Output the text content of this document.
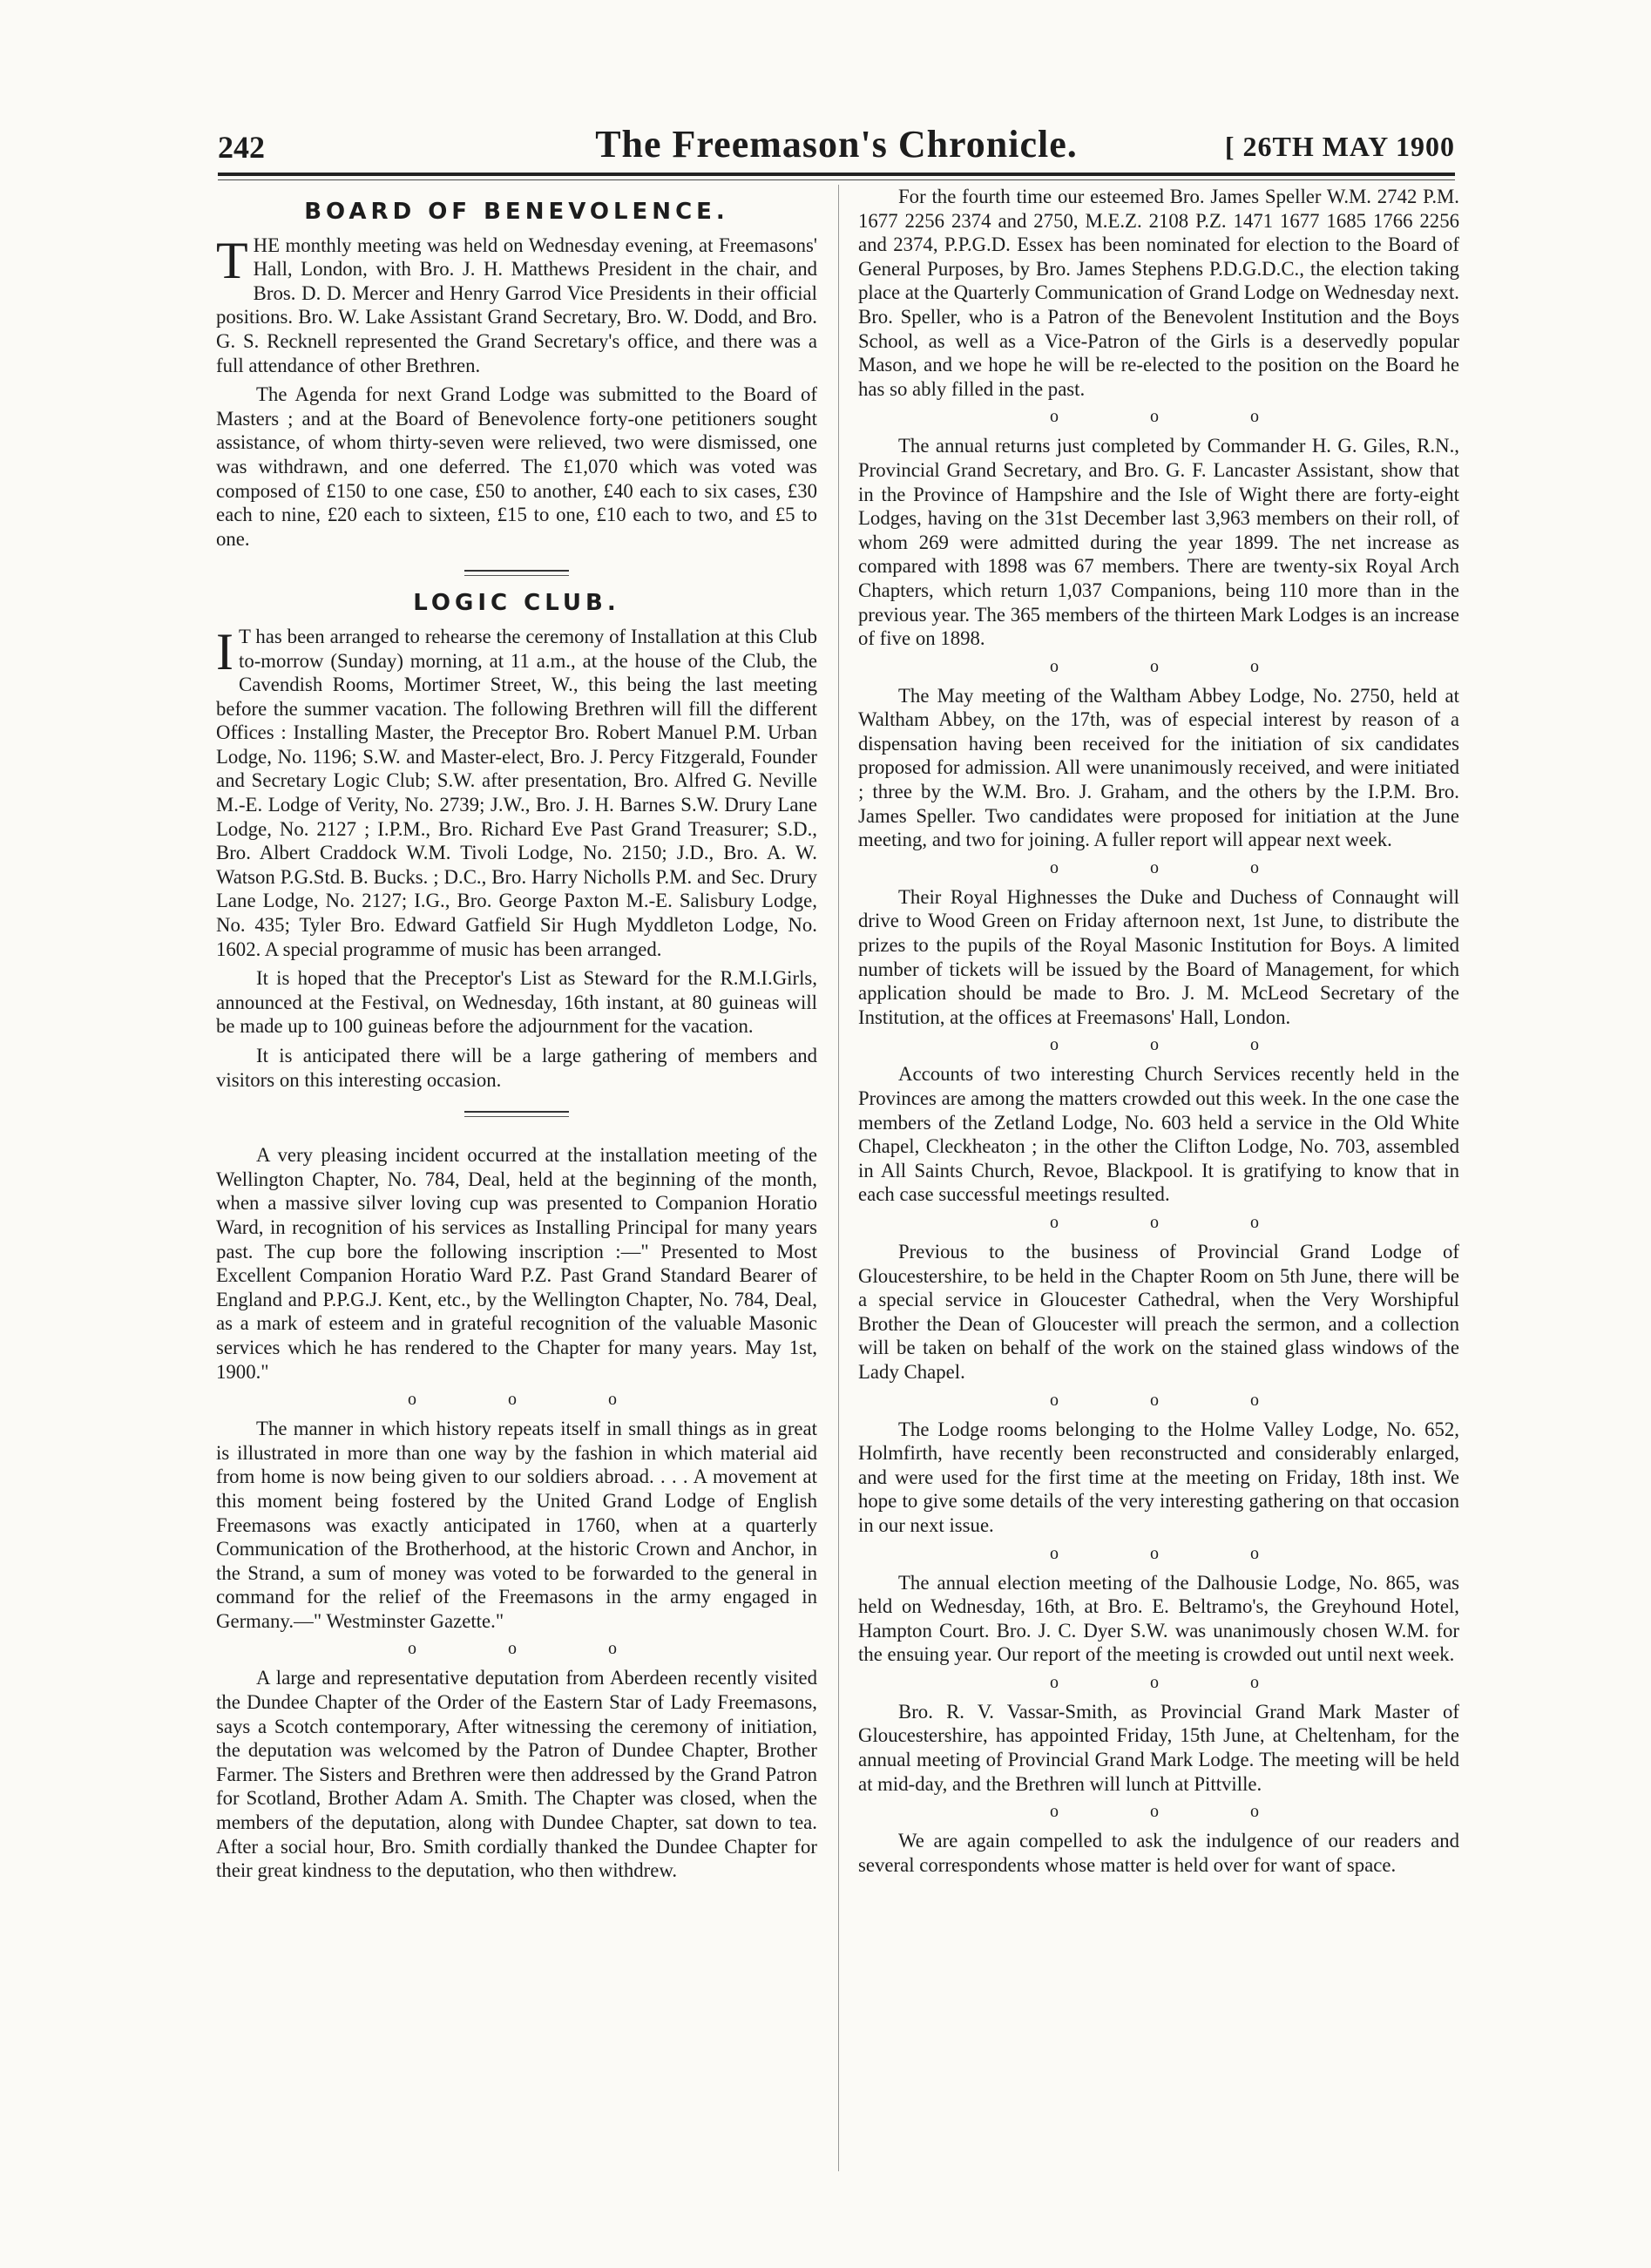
242	The Freemason's Chronicle.	[ 26TH MAY 1900
BOARD OF BENEVOLENCE.

THE monthly meeting was held on Wednesday evening, at Freemasons' Hall, London, with Bro. J. H. Matthews President in the chair, and Bros. D. D. Mercer and Henry Garrod Vice Presidents in their official positions. Bro. W. Lake Assistant Grand Secretary, Bro. W. Dodd, and Bro. G. S. Recknell represented the Grand Secretary's office, and there was a full attendance of other Brethren.

The Agenda for next Grand Lodge was submitted to the Board of Masters ; and at the Board of Benevolence forty-one petitioners sought assistance, of whom thirty-seven were relieved, two were dismissed, one was withdrawn, and one deferred. The £1,070 which was voted was composed of £150 to one case, £50 to another, £40 each to six cases, £30 each to nine, £20 each to sixteen, £15 to one, £10 each to two, and £5 to one.

LOGIC CLUB.

I T has been arranged to rehearse the ceremony of Installation at this Club to-morrow (Sunday) morning, at 11 a.m., at the house of the Club, the Cavendish Rooms, Mortimer Street, W., this being the last meeting before the summer vacation. The following Brethren will fill the different Offices : Installing Master, the Preceptor Bro. Robert Manuel P.M. Urban Lodge, No. 1196; S.W. and Master-elect, Bro. J. Percy Fitzgerald, Founder and Secretary Logic Club; S.W. after presentation, Bro. Alfred G. Neville M.-E. Lodge of Verity, No. 2739; J.W., Bro. J. H. Barnes S.W. Drury Lane Lodge, No. 2127 ; I.P.M., Bro. Richard Eve Past Grand Treasurer; S.D., Bro. Albert Craddock W.M. Tivoli Lodge, No. 2150; J.D., Bro. A. W. Watson P.G.Std. B. Bucks. ; D.C., Bro. Harry Nicholls P.M. and Sec. Drury Lane Lodge, No. 2127; I.G., Bro. George Paxton M.-E. Salisbury Lodge, No. 435; Tyler Bro. Edward Gatfield Sir Hugh Myddleton Lodge, No. 1602. A special programme of music has been arranged.

It is hoped that the Preceptor's List as Steward for the R.M.I.Girls, announced at the Festival, on Wednesday, 16th instant, at 80 guineas will be made up to 100 guineas before the adjournment for the vacation.

It is anticipated there will be a large gathering of members and visitors on this interesting occasion.

A very pleasing incident occurred at the installation meeting of the Wellington Chapter, No. 784, Deal, held at the beginning of the month, when a massive silver loving cup was presented to Companion Horatio Ward, in recognition of his services as Installing Principal for many years past. The cup bore the following inscription :—" Presented to Most Excellent Companion Horatio Ward P.Z. Past Grand Standard Bearer of England and P.P.G.J. Kent, etc., by the Wellington Chapter, No. 784, Deal, as a mark of esteem and in grateful recognition of the valuable Masonic services which he has rendered to the Chapter for many years. May 1st, 1900."

o o o

The manner in which history repeats itself in small things as in great is illustrated in more than one way by the fashion in which material aid from home is now being given to our soldiers abroad. . . . A movement at this moment being fostered by the United Grand Lodge of English Freemasons was exactly anticipated in 1760, when at a quarterly Communication of the Brotherhood, at the historic Crown and Anchor, in the Strand, a sum of money was voted to be forwarded to the general in command for the relief of the Freemasons in the army engaged in Germany.—" Westminster Gazette."

o o o

A large and representative deputation from Aberdeen recently visited the Dundee Chapter of the Order of the Eastern Star of Lady Freemasons, says a Scotch contemporary, After witnessing the ceremony of initiation, the deputation was welcomed by the Patron of Dundee Chapter, Brother Farmer. The Sisters and Brethren were then addressed by the Grand Patron for Scotland, Brother Adam A. Smith. The Chapter was closed, when the members of the deputation, along with Dundee Chapter, sat down to tea. After a social hour, Bro. Smith cordially thanked the Dundee Chapter for their great kindness to the deputation, who then withdrew.

For the fourth time our esteemed Bro. James Speller W.M. 2742 P.M. 1677 2256 2374 and 2750, M.E.Z. 2108 P.Z. 1471 1677 1685 1766 2256 and 2374, P.P.G.D. Essex has been nominated for election to the Board of General Purposes, by Bro. James Stephens P.D.G.D.C., the election taking place at the Quarterly Communication of Grand Lodge on Wednesday next. Bro. Speller, who is a Patron of the Benevolent Institution and the Boys School, as well as a Vice-Patron of the Girls is a deservedly popular Mason, and we hope he will be re-elected to the position on the Board he has so ably filled in the past.

o o o

The annual returns just completed by Commander H. G. Giles, R.N., Provincial Grand Secretary, and Bro. G. F. Lancaster Assistant, show that in the Province of Hampshire and the Isle of Wight there are forty-eight Lodges, having on the 31st December last 3,963 members on their roll, of whom 269 were admitted during the year 1899. The net increase as compared with 1898 was 67 members. There are twenty-six Royal Arch Chapters, which return 1,037 Companions, being 110 more than in the previous year. The 365 members of the thirteen Mark Lodges is an increase of five on 1898.

o o o

The May meeting of the Waltham Abbey Lodge, No. 2750, held at Waltham Abbey, on the 17th, was of especial interest by reason of a dispensation having been received for the initiation of six candidates proposed for admission. All were unanimously received, and were initiated ; three by the W.M. Bro. J. Graham, and the others by the I.P.M. Bro. James Speller. Two candidates were proposed for initiation at the June meeting, and two for joining. A fuller report will appear next week.

o o o

Their Royal Highnesses the Duke and Duchess of Connaught will drive to Wood Green on Friday afternoon next, 1st June, to distribute the prizes to the pupils of the Royal Masonic Institution for Boys. A limited number of tickets will be issued by the Board of Management, for which application should be made to Bro. J. M. McLeod Secretary of the Institution, at the offices at Freemasons' Hall, London.

o o o

Accounts of two interesting Church Services recently held in the Provinces are among the matters crowded out this week. In the one case the members of the Zetland Lodge, No. 603 held a service in the Old White Chapel, Cleckheaton ; in the other the Clifton Lodge, No. 703, assembled in All Saints Church, Revoe, Blackpool. It is gratifying to know that in each case successful meetings resulted.

o o o

Previous to the business of Provincial Grand Lodge of Gloucestershire, to be held in the Chapter Room on 5th June, there will be a special service in Gloucester Cathedral, when the Very Worshipful Brother the Dean of Gloucester will preach the sermon, and a collection will be taken on behalf of the work on the stained glass windows of the Lady Chapel.

o o o

The Lodge rooms belonging to the Holme Valley Lodge, No. 652, Holmfirth, have recently been reconstructed and considerably enlarged, and were used for the first time at the meeting on Friday, 18th inst. We hope to give some details of the very interesting gathering on that occasion in our next issue.

o o o

The annual election meeting of the Dalhousie Lodge, No. 865, was held on Wednesday, 16th, at Bro. E. Beltramo's, the Greyhound Hotel, Hampton Court. Bro. J. C. Dyer S.W. was unanimously chosen W.M. for the ensuing year. Our report of the meeting is crowded out until next week.

o o o

Bro. R. V. Vassar-Smith, as Provincial Grand Mark Master of Gloucestershire, has appointed Friday, 15th June, at Cheltenham, for the annual meeting of Provincial Grand Mark Lodge. The meeting will be held at mid-day, and the Brethren will lunch at Pittville.

o o o

We are again compelled to ask the indulgence of our readers and several correspondents whose matter is held over for want of space.
